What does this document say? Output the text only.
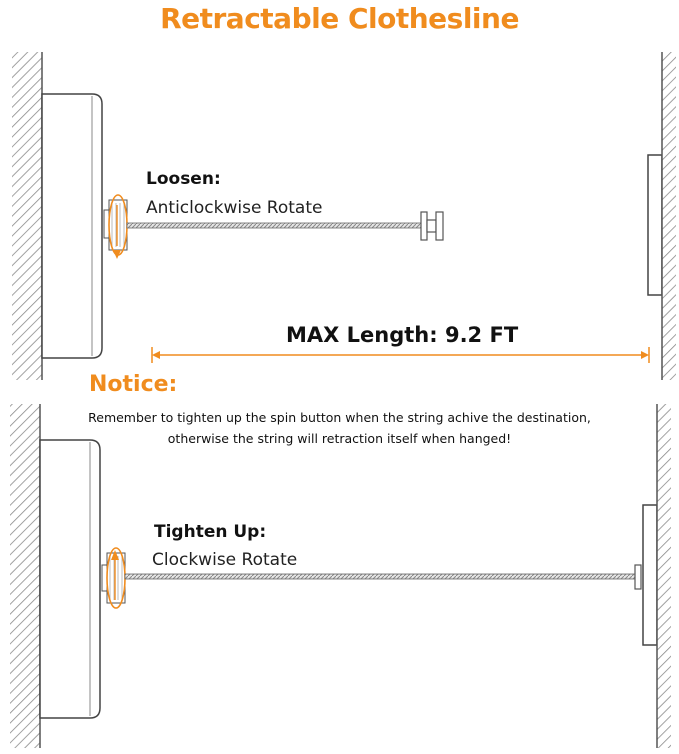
Retractable Clothesline
Loosen:
Anticlockwise Rotate
MAX Length: 9.2 FT
Notice:
Remember to tighten up the spin button when the string achive the destination,
otherwise the string will retraction itself when hanged!
Tighten Up:
Clockwise Rotate
